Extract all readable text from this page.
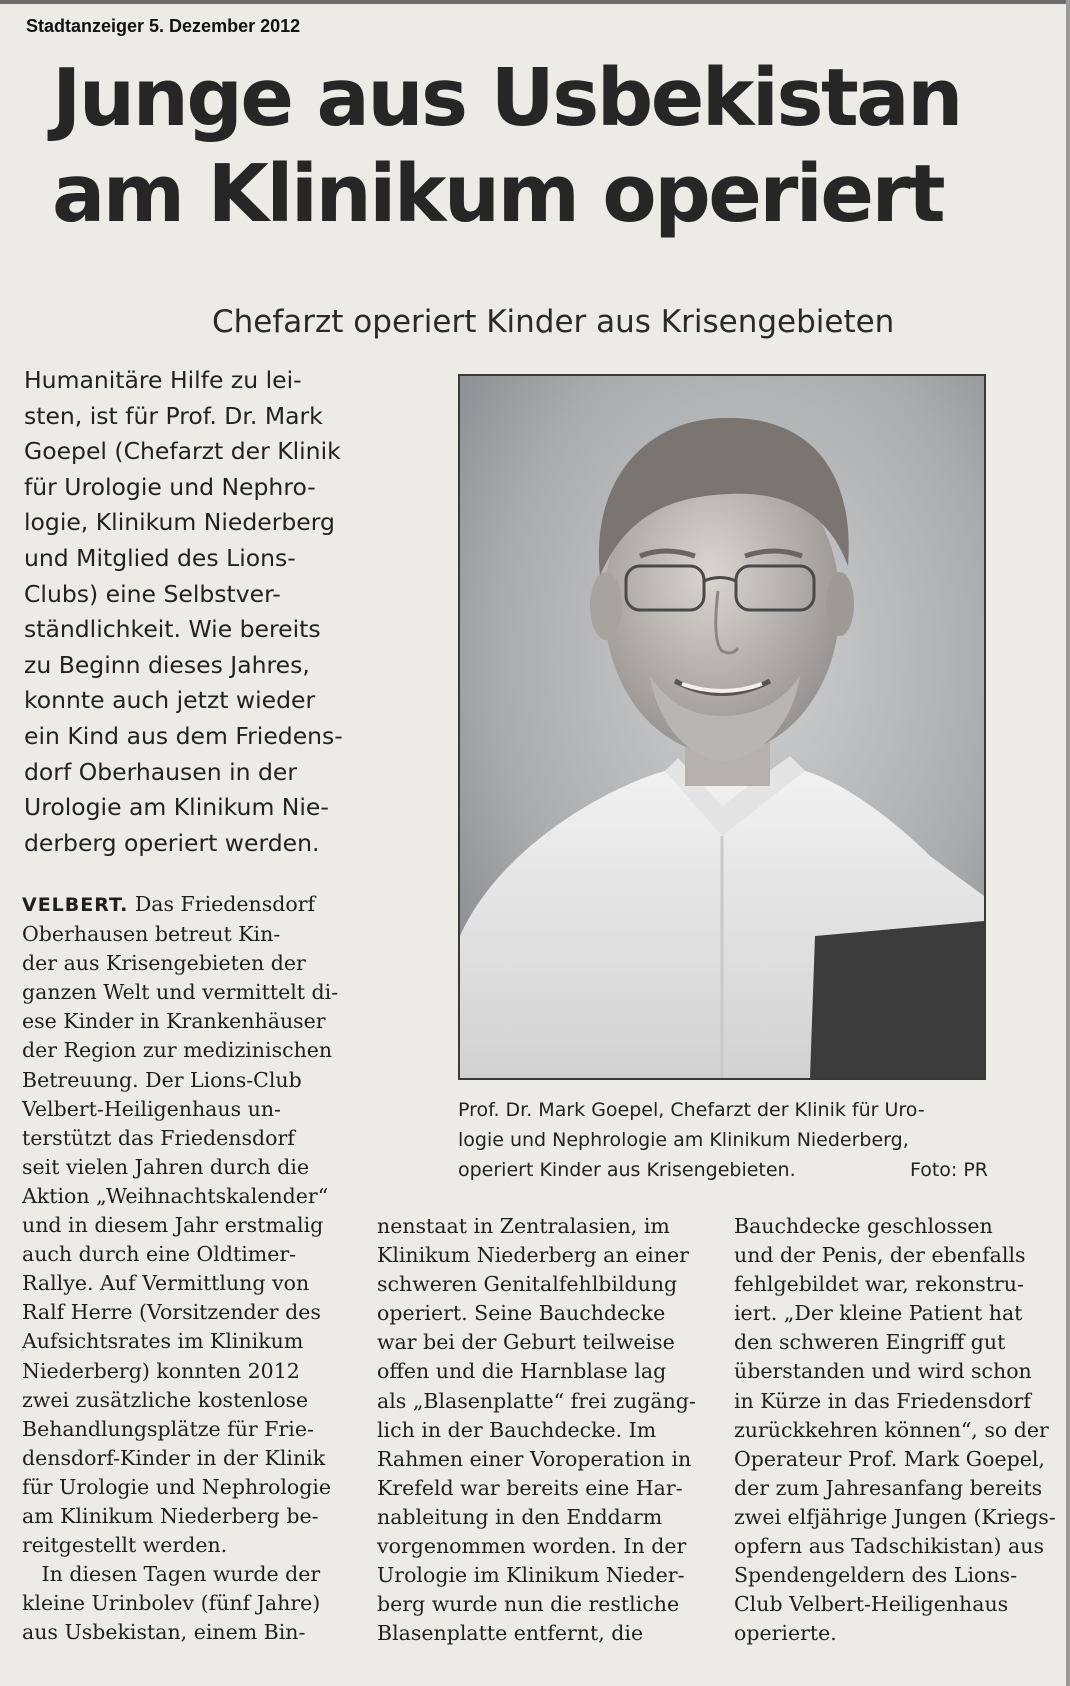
Stadtanzeiger 5. Dezember 2012
Junge aus Usbekistan
am Klinikum operiert
Chefarzt operiert Kinder aus Krisengebieten
Humanitäre Hilfe zu lei-
sten, ist für Prof. Dr. Mark
Goepel (Chefarzt der Klinik
für Urologie und Nephro-
logie, Klinikum Niederberg
und Mitglied des Lions-
Clubs) eine Selbstver-
ständlichkeit. Wie bereits
zu Beginn dieses Jahres,
konnte auch jetzt wieder
ein Kind aus dem Friedens-
dorf Oberhausen in der
Urologie am Klinikum Nie-
derberg operiert werden.
Prof. Dr. Mark Goepel, Chefarzt der Klinik für Uro-
logie und Nephrologie am Klinikum Niederberg,
operiert Kinder aus Krisengebieten.	Foto: PR
VELBERT. Das Friedensdorf
Oberhausen betreut Kin-
der aus Krisengebieten der
ganzen Welt und vermittelt di-
ese Kinder in Krankenhäuser
der Region zur medizinischen
Betreuung. Der Lions-Club
Velbert-Heiligenhaus un-
terstützt das Friedensdorf
seit vielen Jahren durch die
Aktion „Weihnachtskalender“
und in diesem Jahr erstmalig
auch durch eine Oldtimer-
Rallye. Auf Vermittlung von
Ralf Herre (Vorsitzender des
Aufsichtsrates im Klinikum
Niederberg) konnten 2012
zwei zusätzliche kostenlose
Behandlungsplätze für Frie-
densdorf-Kinder in der Klinik
für Urologie und Nephrologie
am Klinikum Niederberg be-
reitgestellt werden.
In diesen Tagen wurde der
kleine Urinbolev (fünf Jahre)
aus Usbekistan, einem Bin-
nenstaat in Zentralasien, im
Klinikum Niederberg an einer
schweren Genitalfehlbildung
operiert. Seine Bauchdecke
war bei der Geburt teilweise
offen und die Harnblase lag
als „Blasenplatte“ frei zugäng-
lich in der Bauchdecke. Im
Rahmen einer Voroperation in
Krefeld war bereits eine Har-
nableitung in den Enddarm
vorgenommen worden. In der
Urologie im Klinikum Nieder-
berg wurde nun die restliche
Blasenplatte entfernt, die
Bauchdecke geschlossen
und der Penis, der ebenfalls
fehlgebildet war, rekonstru-
iert. „Der kleine Patient hat
den schweren Eingriff gut
überstanden und wird schon
in Kürze in das Friedensdorf
zurückkehren können“, so der
Operateur Prof. Mark Goepel,
der zum Jahresanfang bereits
zwei elfjährige Jungen (Kriegs-
opfern aus Tadschikistan) aus
Spendengeldern des Lions-
Club Velbert-Heiligenhaus
operierte.
